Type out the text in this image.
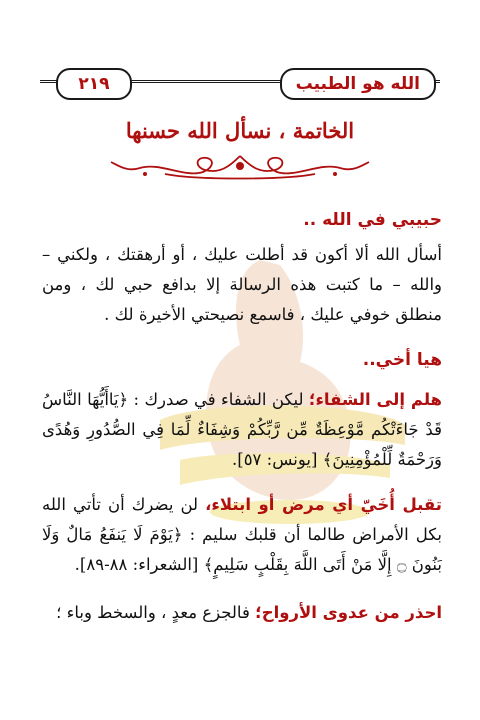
٢١٩	الله هو الطبيب
الخاتمة ، نسأل الله حسنها

حبيبي في الله ..

أسأل الله ألا أكون قد أطلت عليك ، أو أرهقتك ، ولكني – والله – ما كتبت هذه الرسالة إلا بدافع حبي لك ، ومن منطلق خوفي عليك ، فاسمع نصيحتي الأخيرة لك .

هيا أخي..

هلم إلى الشفاء؛ ليكن الشفاء في صدرك : ﴿يَاأَيُّهَا النَّاسُ قَدْ جَاءَتْكُم مَّوْعِظَةٌ مِّن رَّبِّكُمْ وَشِفَاءٌ لِّمَا فِي الصُّدُورِ وَهُدًى وَرَحْمَةٌ لِّلْمُؤْمِنِينَ﴾ [يونس: ٥٧].

تقبل أُخَيّ أي مرض أو ابتلاء، لن يضرك أن تأتي الله بكل الأمراض طالما أن قلبك سليم : ﴿يَوْمَ لَا يَنفَعُ مَالٌ وَلَا بَنُونَ ۝ إِلَّا مَنْ أَتَى اللَّهَ بِقَلْبٍ سَلِيمٍ﴾ [الشعراء: ٨٨-٨٩].

احذر من عدوى الأرواح؛ فالجزع معدٍ ، والسخط وباء ؛
